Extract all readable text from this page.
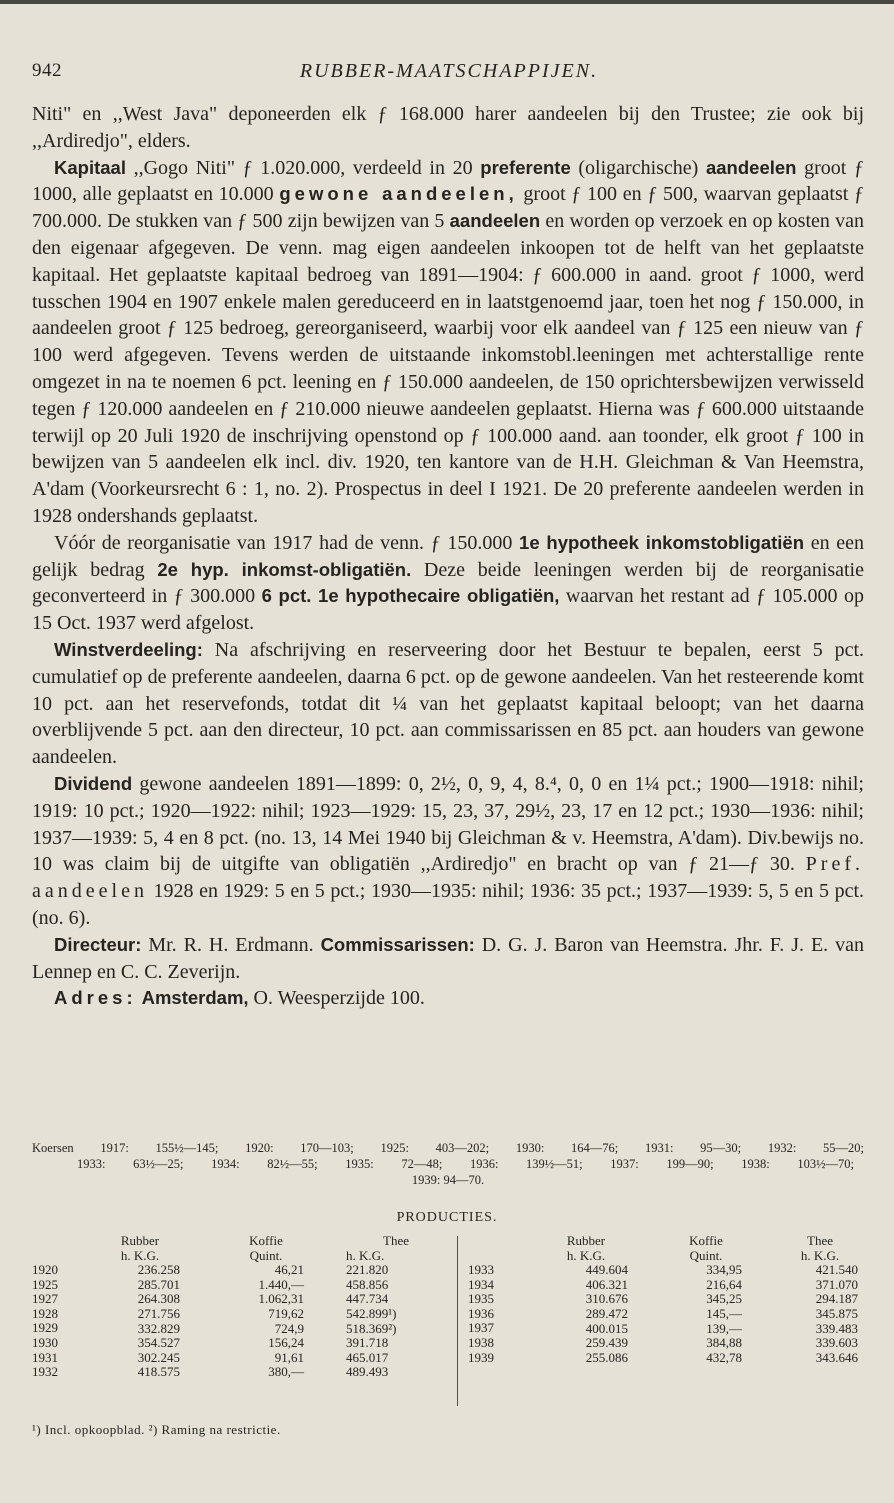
942	RUBBER-MAATSCHAPPIJEN.

Niti" en ,,West Java" deponeerden elk ƒ 168.000 harer aandeelen bij den Trustee; zie ook bij ,,Ardiredjo", elders.

Kapitaal ,,Gogo Niti" ƒ 1.020.000, verdeeld in 20 preferente (oligarchische) aandeelen groot ƒ 1000, alle geplaatst en 10.000 gewone aandeelen, groot ƒ 100 en ƒ 500, waarvan geplaatst ƒ 700.000. De stukken van ƒ 500 zijn bewijzen van 5 aandeelen en worden op verzoek en op kosten van den eigenaar afgegeven. De venn. mag eigen aandeelen inkoopen tot de helft van het geplaatste kapitaal. Het geplaatste kapitaal bedroeg van 1891—1904: ƒ 600.000 in aand. groot ƒ 1000, werd tusschen 1904 en 1907 enkele malen gereduceerd en in laatstgenoemd jaar, toen het nog ƒ 150.000, in aandeelen groot ƒ 125 bedroeg, gereorganiseerd, waarbij voor elk aandeel van ƒ 125 een nieuw van ƒ 100 werd afgegeven. Tevens werden de uitstaande inkomstobl.leeningen met achterstallige rente omgezet in na te noemen 6 pct. leening en ƒ 150.000 aandeelen, de 150 oprichtersbewijzen verwisseld tegen ƒ 120.000 aandeelen en ƒ 210.000 nieuwe aandeelen geplaatst. Hierna was ƒ 600.000 uitstaande terwijl op 20 Juli 1920 de inschrijving openstond op ƒ 100.000 aand. aan toonder, elk groot ƒ 100 in bewijzen van 5 aandeelen elk incl. div. 1920, ten kantore van de H.H. Gleichman & Van Heemstra, A'dam (Voorkeursrecht 6 : 1, no. 2). Prospectus in deel I 1921. De 20 preferente aandeelen werden in 1928 ondershands geplaatst.

Vóór de reorganisatie van 1917 had de venn. ƒ 150.000 1e hypotheek inkomstobligatiën en een gelijk bedrag 2e hyp. inkomst-obligatiën. Deze beide leeningen werden bij de reorganisatie geconverteerd in ƒ 300.000 6 pct. 1e hypothecaire obligatiën, waarvan het restant ad ƒ 105.000 op 15 Oct. 1937 werd afgelost.

Winstverdeeling: Na afschrijving en reserveering door het Bestuur te bepalen, eerst 5 pct. cumulatief op de preferente aandeelen, daarna 6 pct. op de gewone aandeelen. Van het resteerende komt 10 pct. aan het reservefonds, totdat dit ¼ van het geplaatst kapitaal beloopt; van het daarna overblijvende 5 pct. aan den directeur, 10 pct. aan commissarissen en 85 pct. aan houders van gewone aandeelen.

Dividend gewone aandeelen 1891—1899: 0, 2½, 0, 9, 4, 8.⁴, 0, 0 en 1¼ pct.; 1900—1918: nihil; 1919: 10 pct.; 1920—1922: nihil; 1923—1929: 15, 23, 37, 29½, 23, 17 en 12 pct.; 1930—1936: nihil; 1937—1939: 5, 4 en 8 pct. (no. 13, 14 Mei 1940 bij Gleichman & v. Heemstra, A'dam). Div.bewijs no. 10 was claim bij de uitgifte van obligatiën ,,Ardiredjo" en bracht op van ƒ 21—ƒ 30. Pref. aandeelen 1928 en 1929: 5 en 5 pct.; 1930—1935: nihil; 1936: 35 pct.; 1937—1939: 5, 5 en 5 pct. (no. 6).

Directeur: Mr. R. H. Erdmann. Commissarissen: D. G. J. Baron van Heemstra. Jhr. F. J. E. van Lennep en C. C. Zeverijn.

Adres: Amsterdam, O. Weesperzijde 100.

Koersen 1917: 155½—145; 1920: 170—103; 1925: 403—202; 1930: 164—76; 1931: 95—30; 1932: 55—20;
1933: 63½—25; 1934: 82½—55; 1935: 72—48; 1936: 139½—51; 1937: 199—90; 1938: 103½—70;
1939: 94—70.
PRODUCTIES.
1920
1925
1927
1928
1929
1930
1931
1932
Rubber
h. K.G.
236.258
285.701
264.308
271.756
332.829
354.527
302.245
418.575
Koffie
Quint.
46,21
1.440,—
1.062,31
719,62
724,9
156,24
91,61
380,—
Thee
h. K.G.
221.820
458.856
447.734
542.899¹)
518.369²)
391.718
465.017
489.493
1933
1934
1935
1936
1937
1938
1939
Rubber
h. K.G.
449.604
406.321
310.676
289.472
400.015
259.439
255.086
Koffie
Quint.
334,95
216,64
345,25
145,—
139,—
384,88
432,78
Thee
h. K.G.
421.540
371.070
294.187
345.875
339.483
339.603
343.646
¹) Incl. opkoopblad. ²) Raming na restrictie.
